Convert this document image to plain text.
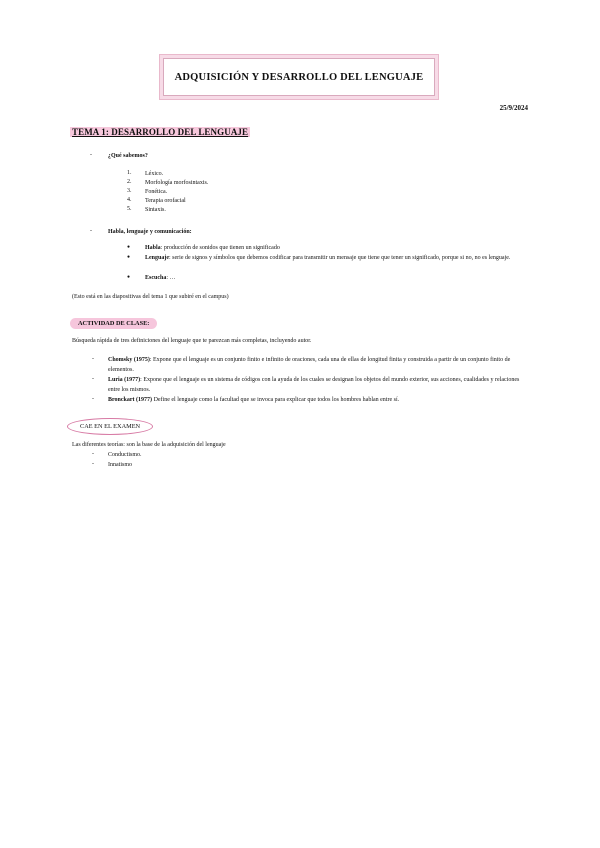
ADQUISICIÓN Y DESARROLLO DEL LENGUAJE
25/9/2024
TEMA 1: DESARROLLO DEL LENGUAJE
-	¿Qué sabemos?
1. Léxico.
2. Morfología morfosintaxis.
3. Fonética.
4. Terapia orofacial
5. Sintaxis.
-	Habla, lenguaje y comunicación:
● Habla: producción de sonidos que tienen un significado
● Lenguaje: serie de signos y símbolos que debemos codificar para transmitir un mensaje que tiene que tener un significado, porque si no, no es lenguaje.
● Escucha: …
(Esto está en las diapositivas del tema 1 que subiré en el campus)
ACTIVIDAD DE CLASE:
Búsqueda rápida de tres definiciones del lenguaje que te parezcan más completas, incluyendo autor.
- Chomsky (1975): Expone que el lenguaje es un conjunto finito e infinito de oraciones, cada una de ellas de longitud finita y construida a partir de un conjunto finito de elementos.
- Luria (1977): Expone que el lenguaje es un sistema de códigos con la ayuda de los cuales se designan los objetos del mundo exterior, sus acciones, cualidades y relaciones entre los mismos.
- Bronckart (1977) Define el lenguaje como la facultad que se invoca para explicar que todos los hombres hablan entre sí.
CAE EN EL EXAMEN
Las diferentes teorías: son la base de la adquisición del lenguaje
- Conductismo.
- Innatismo
